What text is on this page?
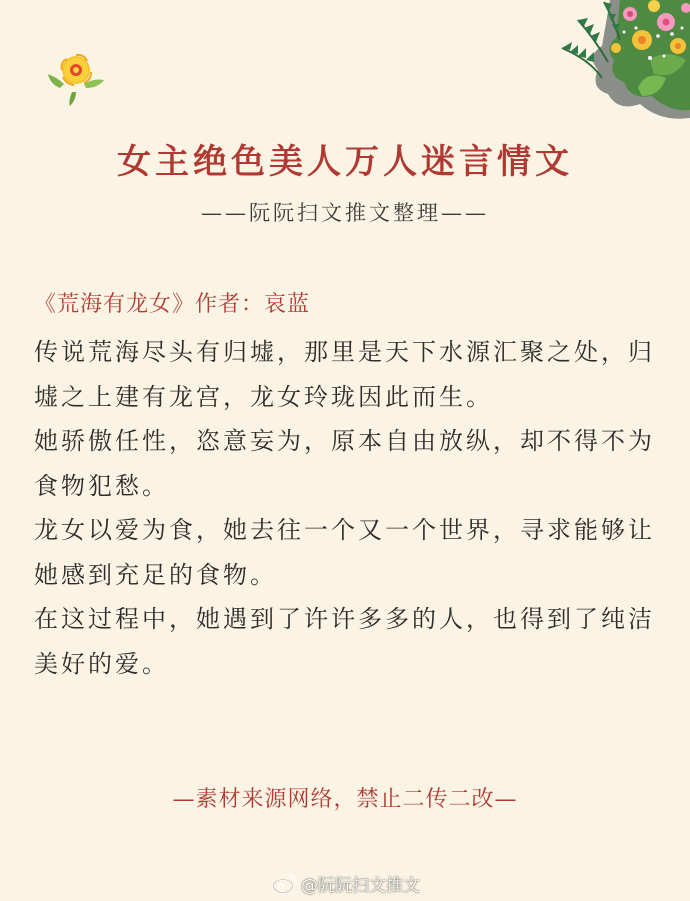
女主绝色美人万人迷言情文
——阮阮扫文推文整理——
《荒海有龙女》作者：哀蓝

传说荒海尽头有归墟，那里是天下水源汇聚之处，归墟之上建有龙宫，龙女玲珑因此而生。

她骄傲任性，恣意妄为，原本自由放纵，却不得不为食物犯愁。

龙女以爱为食，她去往一个又一个世界，寻求能够让她感到充足的食物。

在这过程中，她遇到了许许多多的人，也得到了纯洁美好的爱。

—素材来源网络，禁止二传二改—
@阮阮扫文推文
